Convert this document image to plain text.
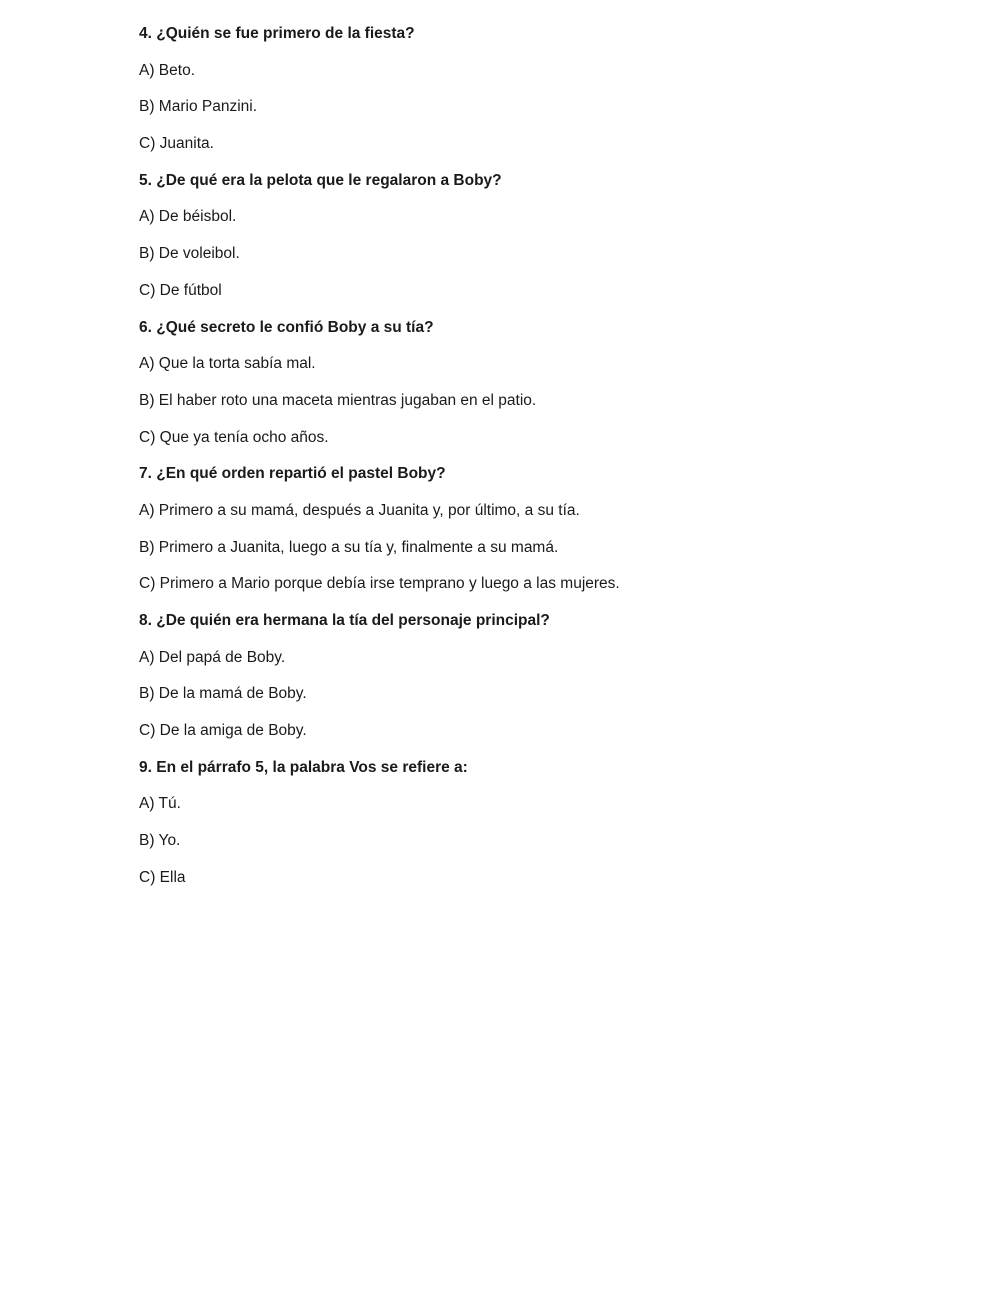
4. ¿Quién se fue primero de la fiesta?
A) Beto.
B) Mario Panzini.
C) Juanita.
5. ¿De qué era la pelota que le regalaron a Boby?
A) De béisbol.
B) De voleibol.
C) De fútbol
6. ¿Qué secreto le confió Boby a su tía?
A) Que la torta sabía mal.
B) El haber roto una maceta mientras jugaban en el patio.
C) Que ya tenía ocho años.
7. ¿En qué orden repartió el pastel Boby?
A) Primero a su mamá, después a Juanita y, por último, a su tía.
B) Primero a Juanita, luego a su tía y, finalmente a su mamá.
C) Primero a Mario porque debía irse temprano y luego a las mujeres.
8. ¿De quién era hermana la tía del personaje principal?
A) Del papá de Boby.
B) De la mamá de Boby.
C) De la amiga de Boby.
9. En el párrafo 5, la palabra Vos se refiere a:
A) Tú.
B) Yo.
C) Ella
